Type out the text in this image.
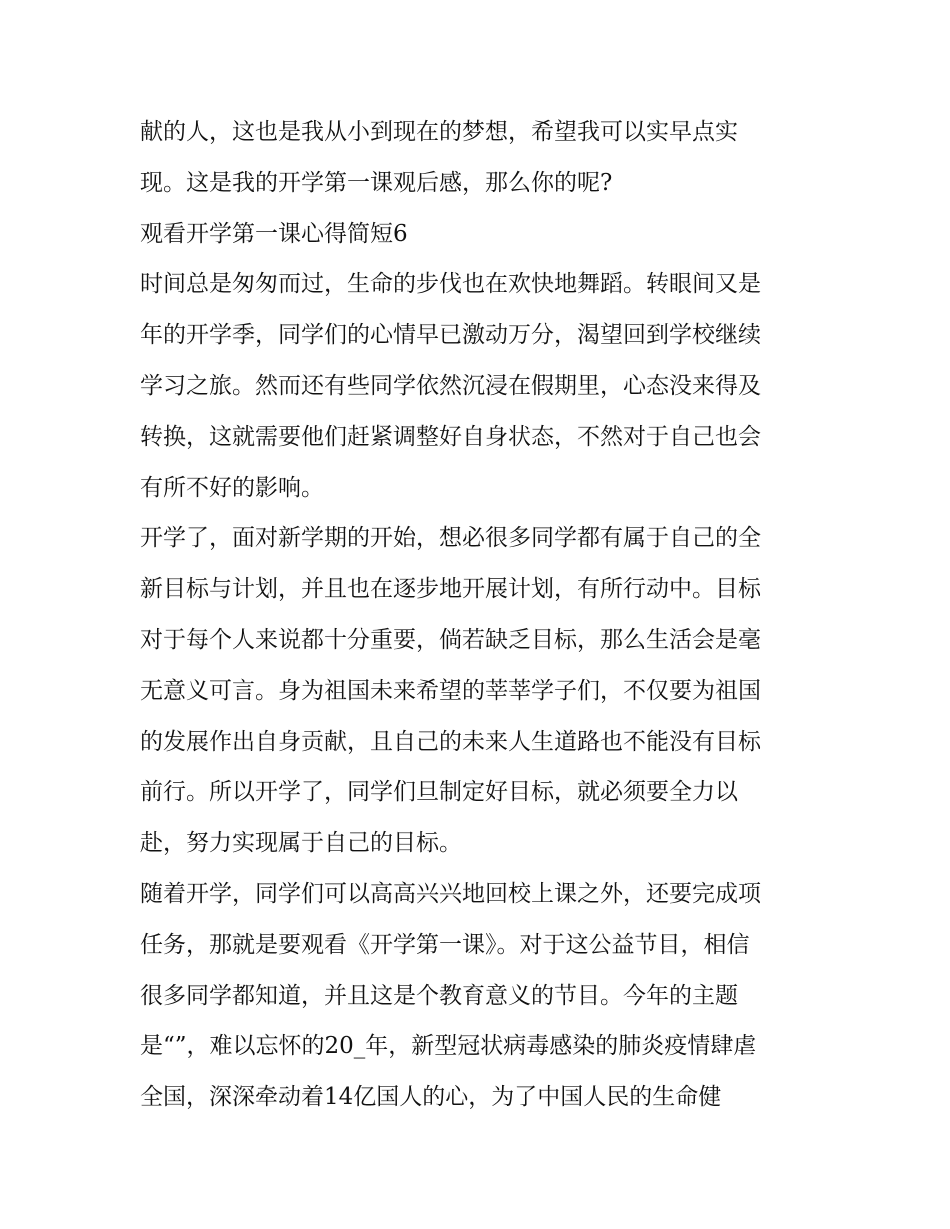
献的人，这也是我从小到现在的梦想，希望我可以实早点实
现。这是我的开学第一课观后感，那么你的呢?
观看开学第一课心得简短6
时间总是匆匆而过，生命的步伐也在欢快地舞蹈。转眼间又是
年的开学季，同学们的心情早已激动万分，渴望回到学校继续
学习之旅。然而还有些同学依然沉浸在假期里，心态没来得及
转换，这就需要他们赶紧调整好自身状态，不然对于自己也会
有所不好的影响。
开学了，面对新学期的开始，想必很多同学都有属于自己的全
新目标与计划，并且也在逐步地开展计划，有所行动中。目标
对于每个人来说都十分重要，倘若缺乏目标，那么生活会是毫
无意义可言。身为祖国未来希望的莘莘学子们，不仅要为祖国
的发展作出自身贡献，且自己的未来人生道路也不能没有目标
前行。所以开学了，同学们旦制定好目标，就必须要全力以
赴，努力实现属于自己的目标。
随着开学，同学们可以高高兴兴地回校上课之外，还要完成项
任务，那就是要观看《开学第一课》。对于这公益节目，相信
很多同学都知道，并且这是个教育意义的节目。今年的主题
是“”，难以忘怀的20_年，新型冠状病毒感染的肺炎疫情肆虐
全国，深深牵动着14亿国人的心，为了中国人民的生命健
